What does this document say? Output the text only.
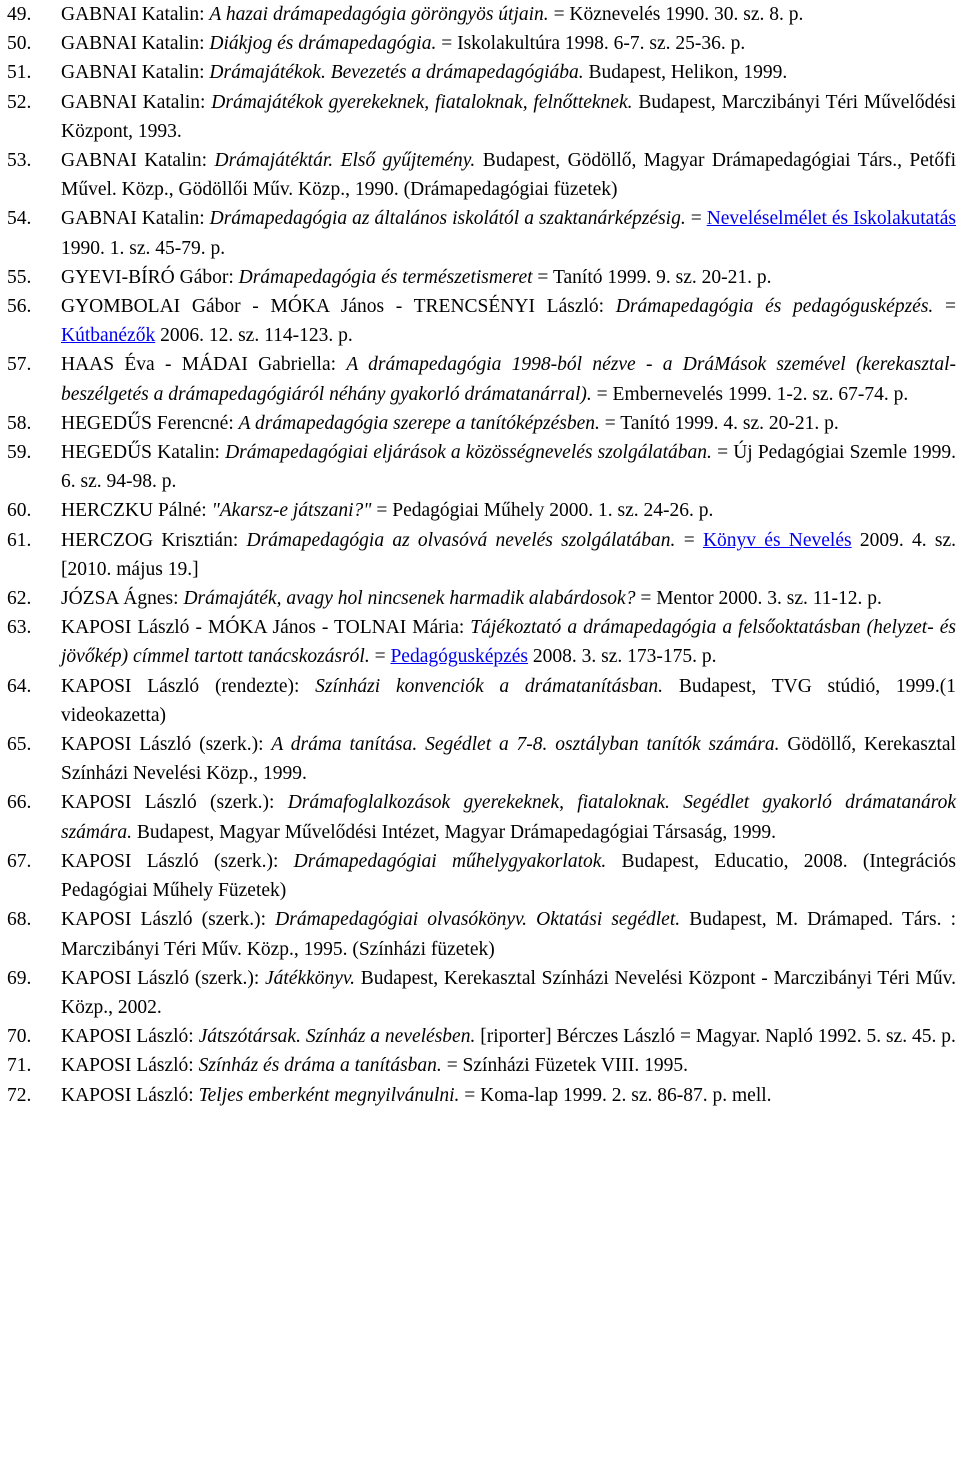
49. GABNAI Katalin: A hazai drámapedagógia göröngyös útjain. = Köznevelés 1990. 30. sz. 8. p.
50. GABNAI Katalin: Diákjog és drámapedagógia. = Iskolakultúra 1998. 6-7. sz. 25-36. p.
51. GABNAI Katalin: Drámajátékok. Bevezetés a drámapedagógiába. Budapest, Helikon, 1999.
52. GABNAI Katalin: Drámajátékok gyerekeknek, fiataloknak, felnőtteknek. Budapest, Marczibányi Téri Művelődési Központ, 1993.
53. GABNAI Katalin: Drámajátéktár. Első gyűjtemény. Budapest, Gödöllő, Magyar Drámapedagógiai Társ., Petőfi Művel. Közp., Gödöllői Műv. Közp., 1990. (Drámapedagógiai füzetek)
54. GABNAI Katalin: Drámapedagógia az általános iskolától a szaktanárképzésig. = Neveléselmélet és Iskolakutatás 1990. 1. sz. 45-79. p.
55. GYEVI-BÍRÓ Gábor: Drámapedagógia és természetismeret = Tanító 1999. 9. sz. 20-21. p.
56. GYOMBOLAI Gábor - MÓKA János - TRENCSÉNYI László: Drámapedagógia és pedagógusképzés. = Kútbanézők 2006. 12. sz. 114-123. p.
57. HAAS Éva - MÁDAI Gabriella: A drámapedagógia 1998-ból nézve - a DráMások szemével (kerekasztal-beszélgetés a drámapedagógiáról néhány gyakorló drámatanárral). = Embernevelés 1999. 1-2. sz. 67-74. p.
58. HEGEDŰS Ferencné: A drámapedagógia szerepe a tanítóképzésben. = Tanító 1999. 4. sz. 20-21. p.
59. HEGEDŰS Katalin: Drámapedagógiai eljárások a közösségnevelés szolgálatában. = Új Pedagógiai Szemle 1999. 6. sz. 94-98. p.
60. HERCZKU Pálné: "Akarsz-e játszani?" = Pedagógiai Műhely 2000. 1. sz. 24-26. p.
61. HERCZOG Krisztián: Drámapedagógia az olvasóvá nevelés szolgálatában. = Könyv és Nevelés 2009. 4. sz. [2010. május 19.]
62. JÓZSA Ágnes: Drámajáték, avagy hol nincsenek harmadik alabárdosok? = Mentor 2000. 3. sz. 11-12. p.
63. KAPOSI László - MÓKA János - TOLNAI Mária: Tájékoztató a drámapedagógia a felsőoktatásban (helyzet- és jövőkép) címmel tartott tanácskozásról. = Pedagógusképzés 2008. 3. sz. 173-175. p.
64. KAPOSI László (rendezte): Színházi konvenciók a drámatanításban. Budapest, TVG stúdió, 1999.(1 videokazetta)
65. KAPOSI László (szerk.): A dráma tanítása. Segédlet a 7-8. osztályban tanítók számára. Gödöllő, Kerekasztal Színházi Nevelési Közp., 1999.
66. KAPOSI László (szerk.): Drámafoglalkozások gyerekeknek, fiataloknak. Segédlet gyakorló drámatanárok számára. Budapest, Magyar Művelődési Intézet, Magyar Drámapedagógiai Társaság, 1999.
67. KAPOSI László (szerk.): Drámapedagógiai műhelygyakorlatok. Budapest, Educatio, 2008. (Integrációs Pedagógiai Műhely Füzetek)
68. KAPOSI László (szerk.): Drámapedagógiai olvasókönyv. Oktatási segédlet. Budapest, M. Drámaped. Társ. : Marczibányi Téri Műv. Közp., 1995. (Színházi füzetek)
69. KAPOSI László (szerk.): Játékkönyv. Budapest, Kerekasztal Színházi Nevelési Központ - Marczibányi Téri Műv. Közp., 2002.
70. KAPOSI László: Játszótársak. Színház a nevelésben. [riporter] Bérczes László = Magyar. Napló 1992. 5. sz. 45. p.
71. KAPOSI László: Színház és dráma a tanításban. = Színházi Füzetek VIII. 1995.
72. KAPOSI László: Teljes emberként megnyilvánulni. = Koma-lap 1999. 2. sz. 86-87. p. mell.
